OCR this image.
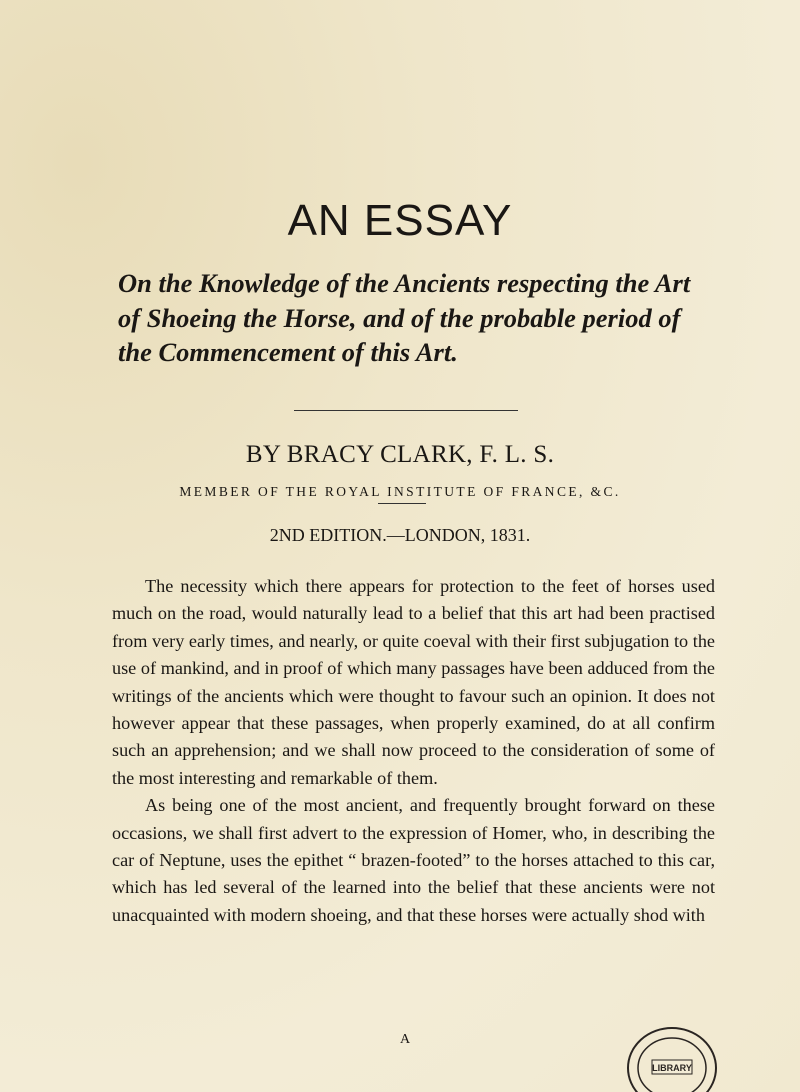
AN ESSAY

On the Knowledge of the Ancients respecting the Art of Shoeing the Horse, and of the probable period of the Commencement of this Art.

BY BRACY CLARK, F. L. S.
MEMBER OF THE ROYAL INSTITUTE OF FRANCE, &C.
2ND EDITION.—LONDON, 1831.

The necessity which there appears for protection to the feet of horses used much on the road, would naturally lead to a belief that this art had been practised from very early times, and nearly, or quite coeval with their first subjugation to the use of mankind, and in proof of which many passages have been adduced from the writings of the ancients which were thought to favour such an opinion. It does not however appear that these passages, when properly examined, do at all confirm such an apprehension; and we shall now proceed to the consideration of some of the most interesting and remarkable of them.

As being one of the most ancient, and frequently brought forward on these occasions, we shall first advert to the expression of Homer, who, in describing the car of Neptune, uses the epithet “ brazen-footed” to the horses attached to this car, which has led several of the learned into the belief that these ancients were not unacquainted with modern shoeing, and that these horses were actually shod with

A
LIBRARY
